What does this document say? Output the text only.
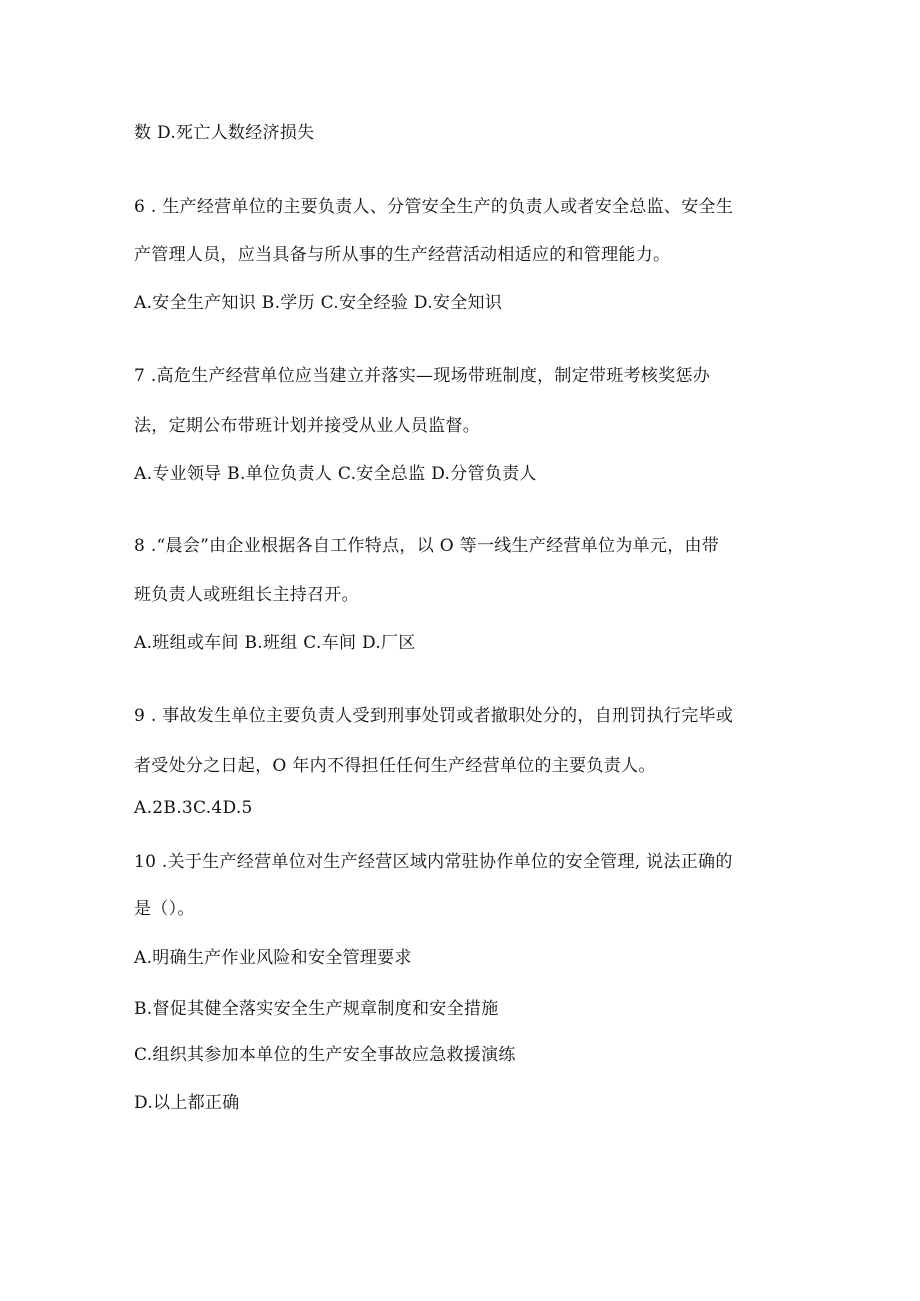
数 D.死亡人数经济损失
6 . 生产经营单位的主要负责人、分管安全生产的负责人或者安全总监、安全生
产管理人员，应当具备与所从事的生产经营活动相适应的和管理能力。
A.安全生产知识 B.学历 C.安全经验 D.安全知识
7 .高危生产经营单位应当建立并落实—现场带班制度，制定带班考核奖惩办
法，定期公布带班计划并接受从业人员监督。
A.专业领导 B.单位负责人 C.安全总监 D.分管负责人
8 .“晨会”由企业根据各自工作特点，以 O 等一线生产经营单位为单元，由带
班负责人或班组长主持召开。
A.班组或车间 B.班组 C.车间 D.厂区
9 . 事故发生单位主要负责人受到刑事处罚或者撤职处分的，自刑罚执行完毕或
者受处分之日起，O 年内不得担任任何生产经营单位的主要负责人。
A.2B.3C.4D.5
10 .关于生产经营单位对生产经营区域内常驻协作单位的安全管理, 说法正确的
是（）。
A.明确生产作业风险和安全管理要求
B.督促其健全落实安全生产规章制度和安全措施
C.组织其参加本单位的生产安全事故应急救援演练
D.以上都正确
